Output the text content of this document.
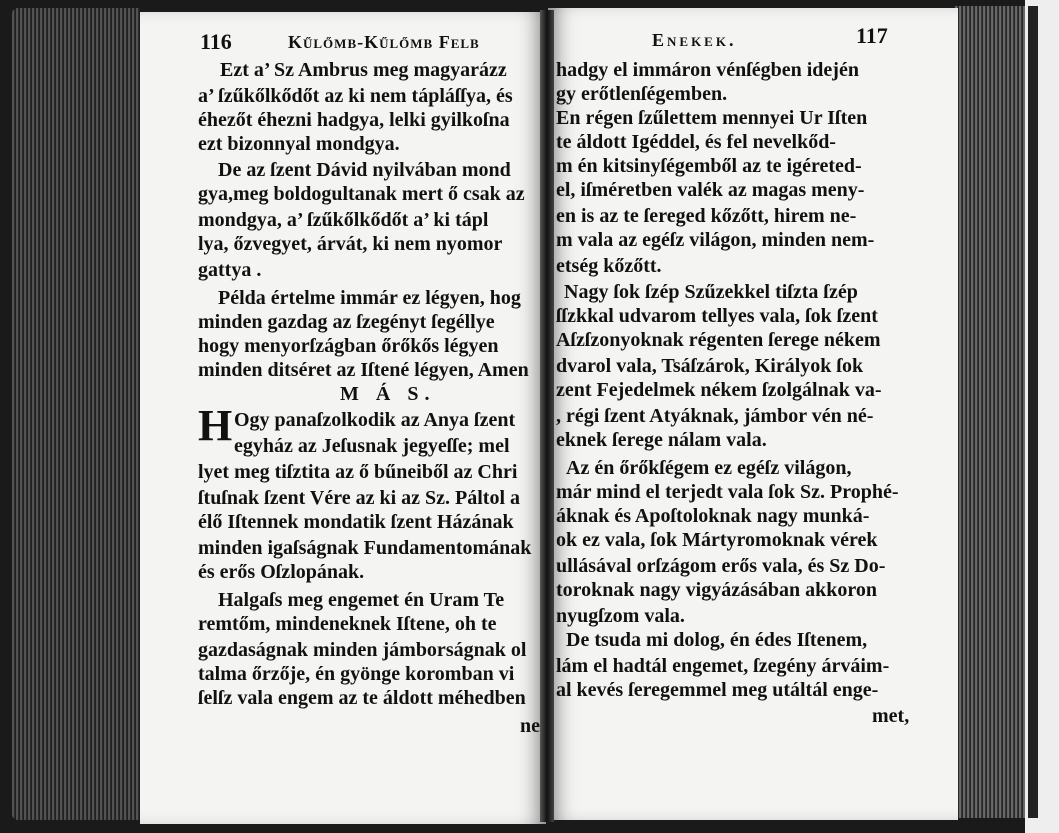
116	Kűlőmb-Kűlőmb Felb	Enekek.	117
Ezt a’ Sz Ambrus meg magyarázz
a’ ſzűkőlkődőt az ki nem tápláſſya, és
éhezőt éhezni hadgya, lelki gyilkoſna
ezt bizonnyal mondgya.
De az ſzent Dávid nyilvában mond
gya,meg boldogultanak mert ő csak az
mondgya, a’ ſzűkőlkődőt a’ ki tápl
lya, őzvegyet, árvát, ki nem nyomor
gattya .
Példa értelme immár ez légyen, hog
minden gazdag az ſzegényt ſegéllye
hogy menyorſzágban őrőkős légyen
minden ditséret az Iſtené légyen, Amen
M Á S.
H Ogy panaſzolkodik az Anya ſzent
egyház az Jeſusnak jegyeſſe; mel
lyet meg tiſztita az ő bűneiből az Chri
ſtuſnak ſzent Vére az ki az Sz. Páltol a
élő Iſtennek mondatik ſzent Házának
minden igaſságnak Fundamentomának
és erős Oſzlopának.
Halgaſs meg engemet én Uram Te
remtőm, mindeneknek Iſtene, oh te
gazdaságnak minden jámborságnak ol
talma őrzője, én gyönge koromban vi
ſelſz vala engem az te áldott méhedben
ne
hadgy el immáron vénſégben idején
gy erőtlenſégemben.
En régen ſzűlettem mennyei Ur Iſten
te áldott Igéddel, és fel nevelkőd-
m én kitsinyſégemből az te igéreted-
el, iſméretben valék az magas meny-
en is az te ſereged kőzőtt, hirem ne-
m vala az egéſz világon, minden nem-
etség kőzőtt.
Nagy ſok ſzép Szűzekkel tiſzta ſzép
ſſzkkal udvarom tellyes vala, ſok ſzent
Aſzſzonyoknak régenten ſerege nékem
dvarol vala, Tsáſzárok, Királyok ſok
zent Fejedelmek nékem ſzolgálnak va-
, régi ſzent Atyáknak, jámbor vén né-
eknek ſerege nálam vala.
Az én őrőkſégem ez egéſz világon,
már mind el terjedt vala ſok Sz. Prophé-
áknak és Apoſtoloknak nagy munká-
ok ez vala, ſok Mártyromoknak vérek
ullásával orſzágom erős vala, és Sz Do-
toroknak nagy vigyázásában akkoron
nyugſzom vala.
De tsuda mi dolog, én édes Iſtenem,
lám el hadtál engemet, ſzegény árváim-
al kevés ſeregemmel meg utáltál enge-
met,
